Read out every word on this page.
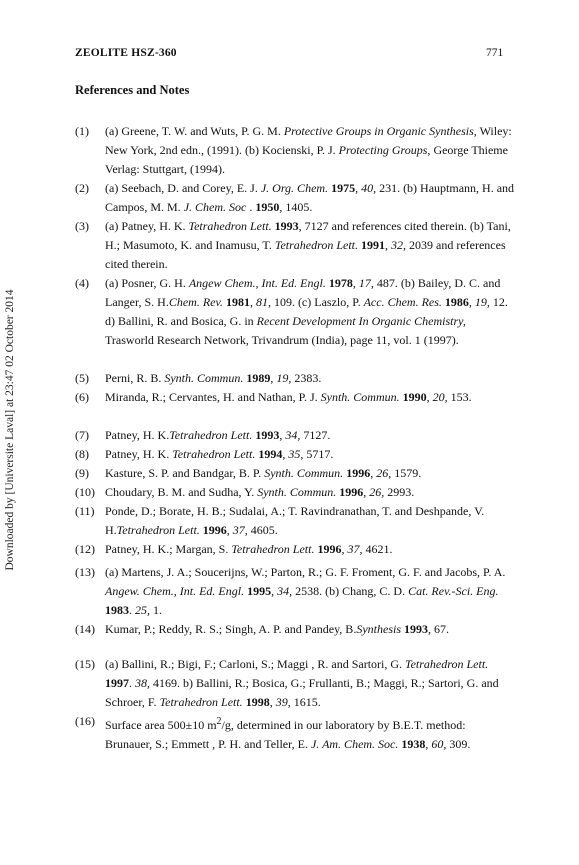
Downloaded by [Universite Laval] at 23:47 02 October 2014
ZEOLITE HSZ-360	771
References and Notes
(1) (a) Greene, T. W. and Wuts, P. G. M. Protective Groups in Organic Synthesis, Wiley: New York, 2nd edn., (1991). (b) Kocienski, P. J. Protecting Groups, George Thieme Verlag: Stuttgart, (1994).
(2) (a) Seebach, D. and Corey, E. J. J. Org. Chem. 1975, 40, 231. (b) Hauptmann, H. and Campos, M. M. J. Chem. Soc . 1950, 1405.
(3) (a) Patney, H. K. Tetrahedron Lett. 1993, 7127 and references cited therein. (b) Tani, H.; Masumoto, K. and Inamusu, T. Tetrahedron Lett. 1991, 32, 2039 and references cited therein.
(4) (a) Posner, G. H. Angew Chem., Int. Ed. Engl. 1978, 17, 487. (b) Bailey, D. C. and Langer, S. H.Chem. Rev. 1981, 81, 109. (c) Laszlo, P. Acc. Chem. Res. 1986, 19, 12. d) Ballini, R. and Bosica, G. in Recent Development In Organic Chemistry, Trasworld Research Network, Trivandrum (India), page 11, vol. 1 (1997).
(5) Perni, R. B. Synth. Commun. 1989, 19, 2383.
(6) Miranda, R.; Cervantes, H. and Nathan, P. J. Synth. Commun. 1990, 20, 153.
(7) Patney, H. K.Tetrahedron Lett. 1993, 34, 7127.
(8) Patney, H. K. Tetrahedron Lett. 1994, 35, 5717.
(9) Kasture, S. P. and Bandgar, B. P. Synth. Commun. 1996, 26, 1579.
(10) Choudary, B. M. and Sudha, Y. Synth. Commun. 1996, 26, 2993.
(11) Ponde, D.; Borate, H. B.; Sudalai, A.; T. Ravindranathan, T. and Deshpande, V. H.Tetrahedron Lett. 1996, 37, 4605.
(12) Patney, H. K.; Margan, S. Tetrahedron Lett. 1996, 37, 4621.
(13) (a) Martens, J. A.; Soucerijns, W.; Parton, R.; G. F. Froment, G. F. and Jacobs, P. A. Angew. Chem., Int. Ed. Engl. 1995, 34, 2538. (b) Chang, C. D. Cat. Rev.-Sci. Eng. 1983. 25, 1.
(14) Kumar, P.; Reddy, R. S.; Singh, A. P. and Pandey, B.Synthesis 1993, 67.
(15) (a) Ballini, R.; Bigi, F.; Carloni, S.; Maggi , R. and Sartori, G. Tetrahedron Lett. 1997. 38, 4169. b) Ballini, R.; Bosica, G.; Frullanti, B.; Maggi, R.; Sartori, G. and Schroer, F. Tetrahedron Lett. 1998, 39, 1615.
(16) Surface area 500±10 $m^2/g$, determined in our laboratory by B.E.T. method: Brunauer, S.; Emmett , P. H. and Teller, E. J. Am. Chem. Soc. 1938, 60, 309.
